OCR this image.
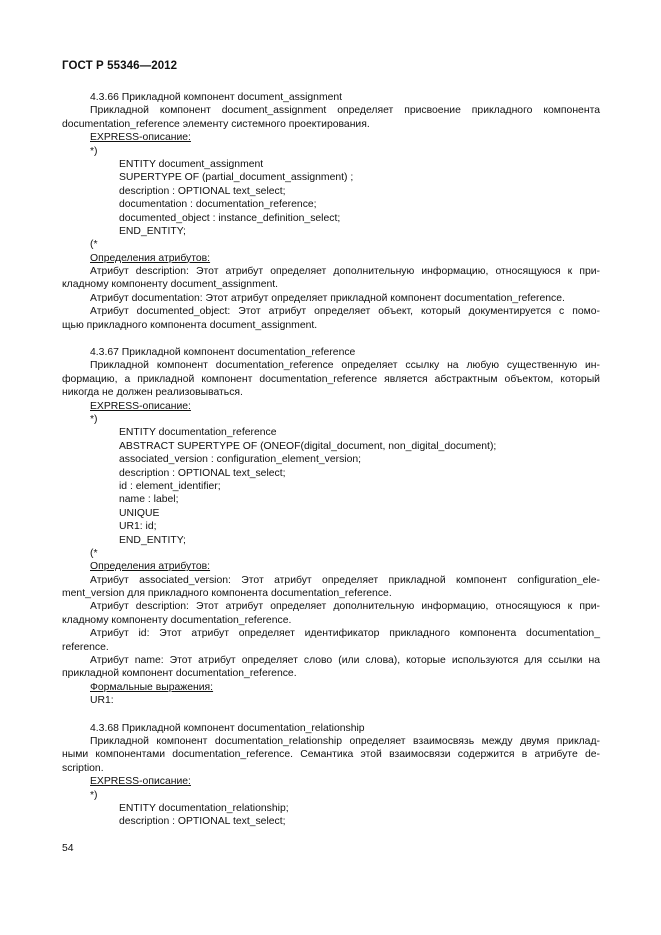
ГОСТ Р 55346—2012
4.3.66 Прикладной компонент document_assignment
Прикладной компонент document_assignment определяет присвоение прикладного компонента
documentation_reference элементу системного проектирования.
EXPRESS-описание:
*)
ENTITY document_assignment
SUPERTYPE OF (partial_document_assignment) ;
description : OPTIONAL text_select;
documentation : documentation_reference;
documented_object : instance_definition_select;
END_ENTITY;
(*
Определения атрибутов:
Атрибут description: Этот атрибут определяет дополнительную информацию, относящуюся к при-
кладному компоненту document_assignment.
Атрибут documentation: Этот атрибут определяет прикладной компонент documentation_reference.
Атрибут documented_object: Этот атрибут определяет объект, который документируется с помо-
щью прикладного компонента document_assignment.
4.3.67 Прикладной компонент documentation_reference
Прикладной компонент documentation_reference определяет ссылку на любую существенную ин-
формацию, а прикладной компонент documentation_reference является абстрактным объектом, который
никогда не должен реализовываться.
EXPRESS-описание:
*)
ENTITY documentation_reference
ABSTRACT SUPERTYPE OF (ONEOF(digital_document, non_digital_document);
associated_version : configuration_element_version;
description : OPTIONAL text_select;
id : element_identifier;
name : label;
UNIQUE
UR1: id;
END_ENTITY;
(*
Определения атрибутов:
Атрибут associated_version: Этот атрибут определяет прикладной компонент configuration_ele-
ment_version для прикладного компонента documentation_reference.
Атрибут description: Этот атрибут определяет дополнительную информацию, относящуюся к при-
кладному компоненту documentation_reference.
Атрибут id: Этот атрибут определяет идентификатор прикладного компонента documentation_
reference.
Атрибут name: Этот атрибут определяет слово (или слова), которые используются для ссылки на
прикладной компонент documentation_reference.
Формальные выражения:
UR1:
4.3.68 Прикладной компонент documentation_relationship
Прикладной компонент documentation_relationship определяет взаимосвязь между двумя приклад-
ными компонентами documentation_reference. Семантика этой взаимосвязи содержится в атрибуте de-
scription.
EXPRESS-описание:
*)
ENTITY documentation_relationship;
description : OPTIONAL text_select;
54
